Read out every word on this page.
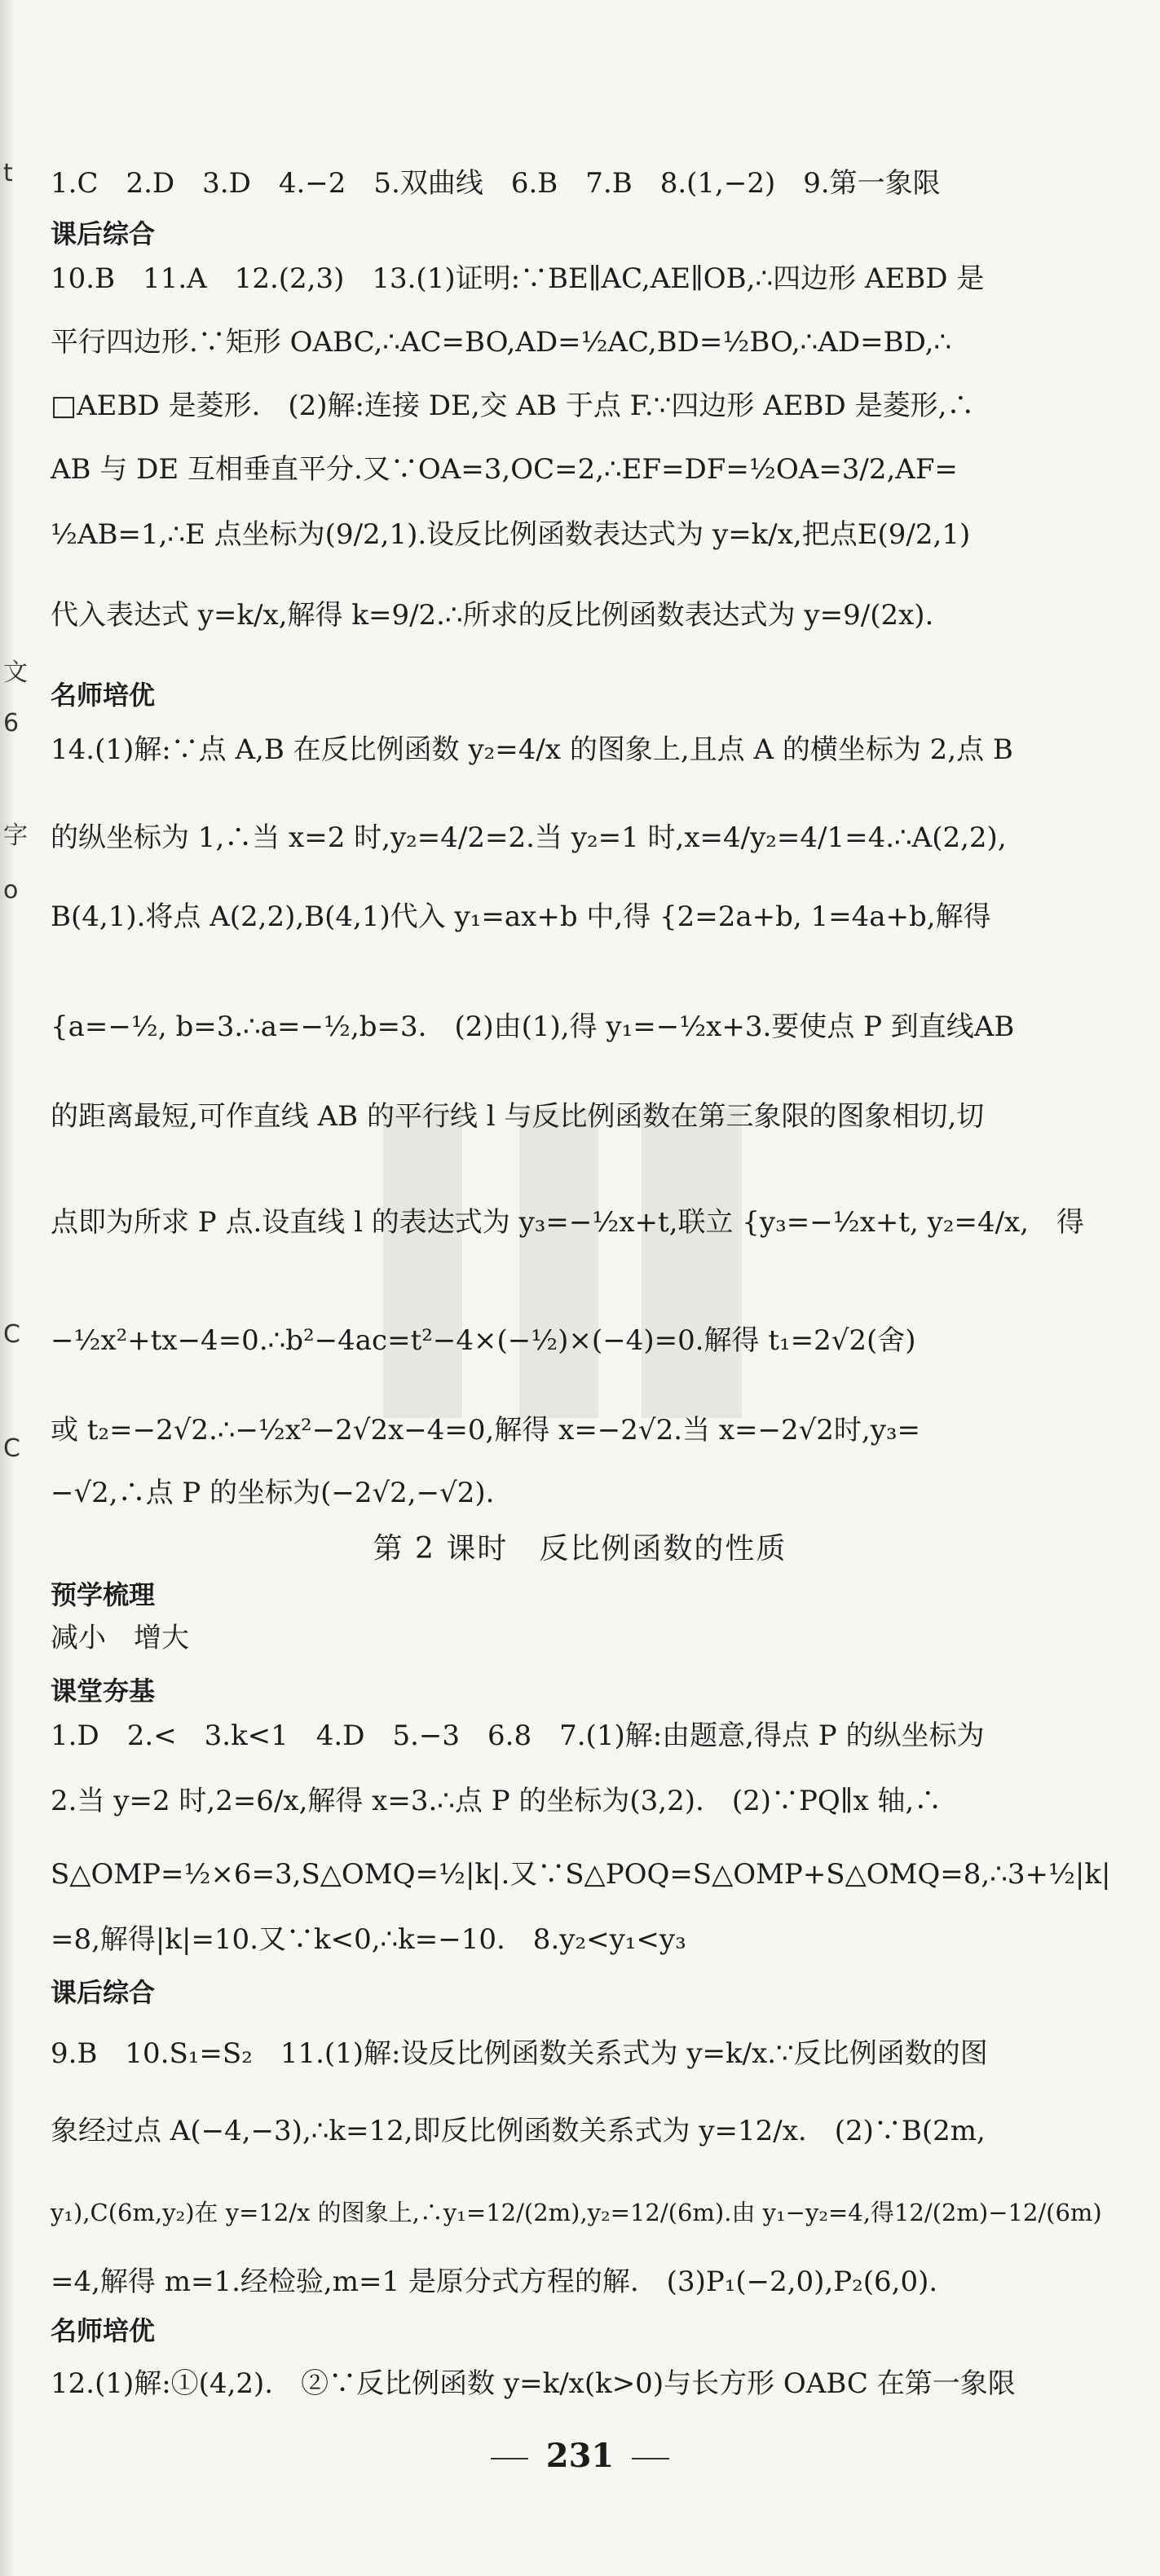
t
文
6
字
o
C
C
1.C　2.D　3.D　4.−2　5.双曲线　6.B　7.B　8.(1,−2)　9.第一象限
课后综合
10.B　11.A　12.(2,3)　13.(1)证明:∵BE∥AC,AE∥OB,∴四边形 AEBD 是
平行四边形.∵矩形 OABC,∴AC=BO,AD=½AC,BD=½BO,∴AD=BD,∴
□AEBD 是菱形.　(2)解:连接 DE,交 AB 于点 F.∵四边形 AEBD 是菱形,∴
AB 与 DE 互相垂直平分.又∵OA=3,OC=2,∴EF=DF=½OA=3/2,AF=
½AB=1,∴E 点坐标为(9/2,1).设反比例函数表达式为 y=k/x,把点E(9/2,1)
代入表达式 y=k/x,解得 k=9/2.∴所求的反比例函数表达式为 y=9/(2x).
名师培优
14.(1)解:∵点 A,B 在反比例函数 y₂=4/x 的图象上,且点 A 的横坐标为 2,点 B
的纵坐标为 1,∴当 x=2 时,y₂=4/2=2.当 y₂=1 时,x=4/y₂=4/1=4.∴A(2,2),
B(4,1).将点 A(2,2),B(4,1)代入 y₁=ax+b 中,得 {2=2a+b, 1=4a+b,解得
{a=−½, b=3.∴a=−½,b=3.　(2)由(1),得 y₁=−½x+3.要使点 P 到直线AB
的距离最短,可作直线 AB 的平行线 l 与反比例函数在第三象限的图象相切,切
点即为所求 P 点.设直线 l 的表达式为 y₃=−½x+t,联立 {y₃=−½x+t, y₂=4/x,　得
−½x²+tx−4=0.∴b²−4ac=t²−4×(−½)×(−4)=0.解得 t₁=2√2(舍)
或 t₂=−2√2.∴−½x²−2√2x−4=0,解得 x=−2√2.当 x=−2√2时,y₃=
−√2,∴点 P 的坐标为(−2√2,−√2).
第 2 课时　反比例函数的性质
预学梳理
减小　增大
课堂夯基
1.D　2.<　3.k<1　4.D　5.−3　6.8　7.(1)解:由题意,得点 P 的纵坐标为
2.当 y=2 时,2=6/x,解得 x=3.∴点 P 的坐标为(3,2).　(2)∵PQ∥x 轴,∴
S△OMP=½×6=3,S△OMQ=½|k|.又∵S△POQ=S△OMP+S△OMQ=8,∴3+½|k|
=8,解得|k|=10.又∵k<0,∴k=−10.　8.y₂<y₁<y₃
课后综合
9.B　10.S₁=S₂　11.(1)解:设反比例函数关系式为 y=k/x.∵反比例函数的图
象经过点 A(−4,−3),∴k=12,即反比例函数关系式为 y=12/x.　(2)∵B(2m,
y₁),C(6m,y₂)在 y=12/x 的图象上,∴y₁=12/(2m),y₂=12/(6m).由 y₁−y₂=4,得12/(2m)−12/(6m)
=4,解得 m=1.经检验,m=1 是原分式方程的解.　(3)P₁(−2,0),P₂(6,0).
名师培优
12.(1)解:①(4,2).　②∵反比例函数 y=k/x(k>0)与长方形 OABC 在第一象限
231
